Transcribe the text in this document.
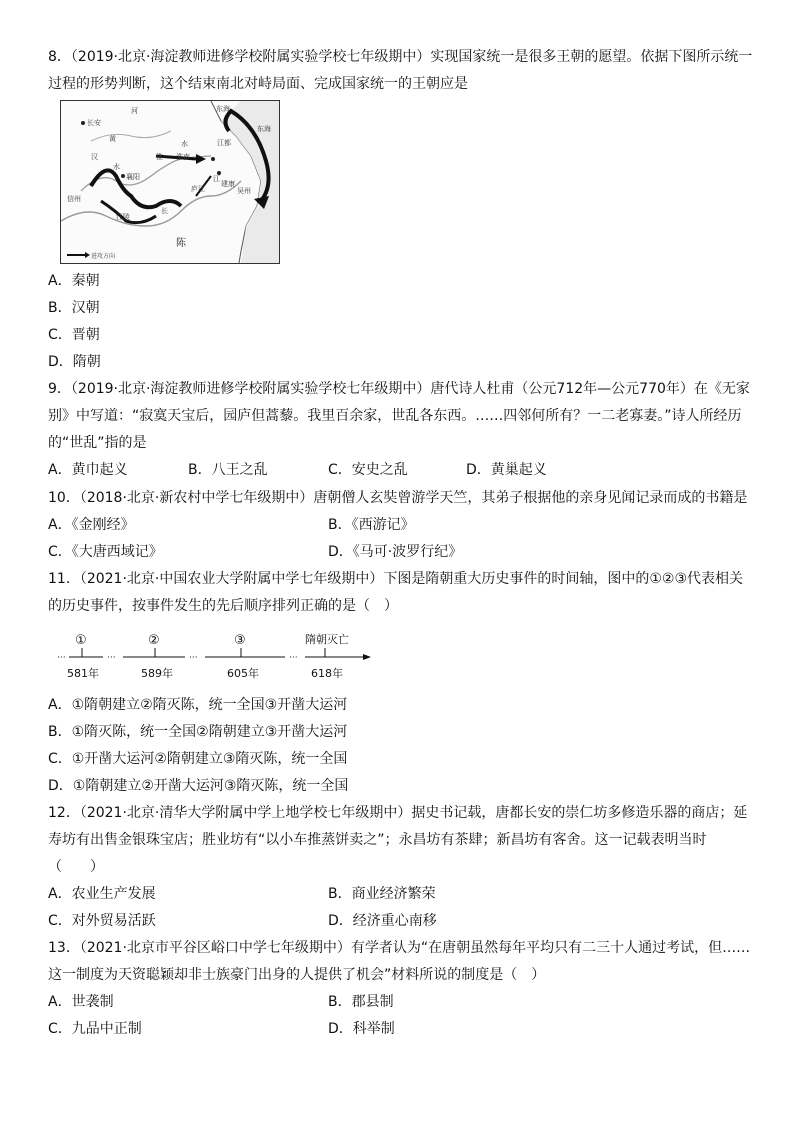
8．（2019·北京·海淀教师进修学校附属实验学校七年级期中）实现国家统一是很多王朝的愿望。依据下图所示统一
过程的形势判断，这个结束南北对峙局面、完成国家统一的王朝应是
长安
河
黄
汉
水
水
襄阳
信州
江陵
淮 淮南
江都
庐江
江
建康
东海
东海
吴州
长
陈
进攻方向
A．秦朝
B．汉朝
C．晋朝
D．隋朝
9．（2019·北京·海淀教师进修学校附属实验学校七年级期中）唐代诗人杜甫（公元712年—公元770年）在《无家
别》中写道：“寂寞天宝后，园庐但蒿藜。我里百余家，世乱各东西。……四邻何所有？一二老寡妻。”诗人所经历
的“世乱”指的是
A．黄巾起义	B．八王之乱	C．安史之乱	D．黄巢起义
10．（2018·北京·新农村中学七年级期中）唐朝僧人玄奘曾游学天竺，其弟子根据他的亲身见闻记录而成的书籍是
A．《金刚经》	B．《西游记》
C．《大唐西域记》	D．《马可·波罗行纪》
11．（2021·北京·中国农业大学附属中学七年级期中）下图是隋朝重大历史事件的时间轴，图中的①②③代表相关
的历史事件，按事件发生的先后顺序排列正确的是（　）
···	···	···	···
①	②	③	隋朝灭亡
581年	589年	605年	618年
A．①隋朝建立②隋灭陈，统一全国③开凿大运河
B．①隋灭陈，统一全国②隋朝建立③开凿大运河
C．①开凿大运河②隋朝建立③隋灭陈，统一全国
D．①隋朝建立②开凿大运河③隋灭陈，统一全国
12．（2021·北京·清华大学附属中学上地学校七年级期中）据史书记载，唐都长安的崇仁坊多修造乐器的商店；延
寿坊有出售金银珠宝店；胜业坊有“以小车推蒸饼卖之”；永昌坊有茶肆；新昌坊有客舍。这一记载表明当时
（　　）
A．农业生产发展	B．商业经济繁荣
C．对外贸易活跃	D．经济重心南移
13．（2021·北京市平谷区峪口中学七年级期中）有学者认为“在唐朝虽然每年平均只有二三十人通过考试，但……
这一制度为天资聪颖却非士族豪门出身的人提供了机会”材料所说的制度是（　）
A．世袭制	B．郡县制
C．九品中正制	D．科举制
